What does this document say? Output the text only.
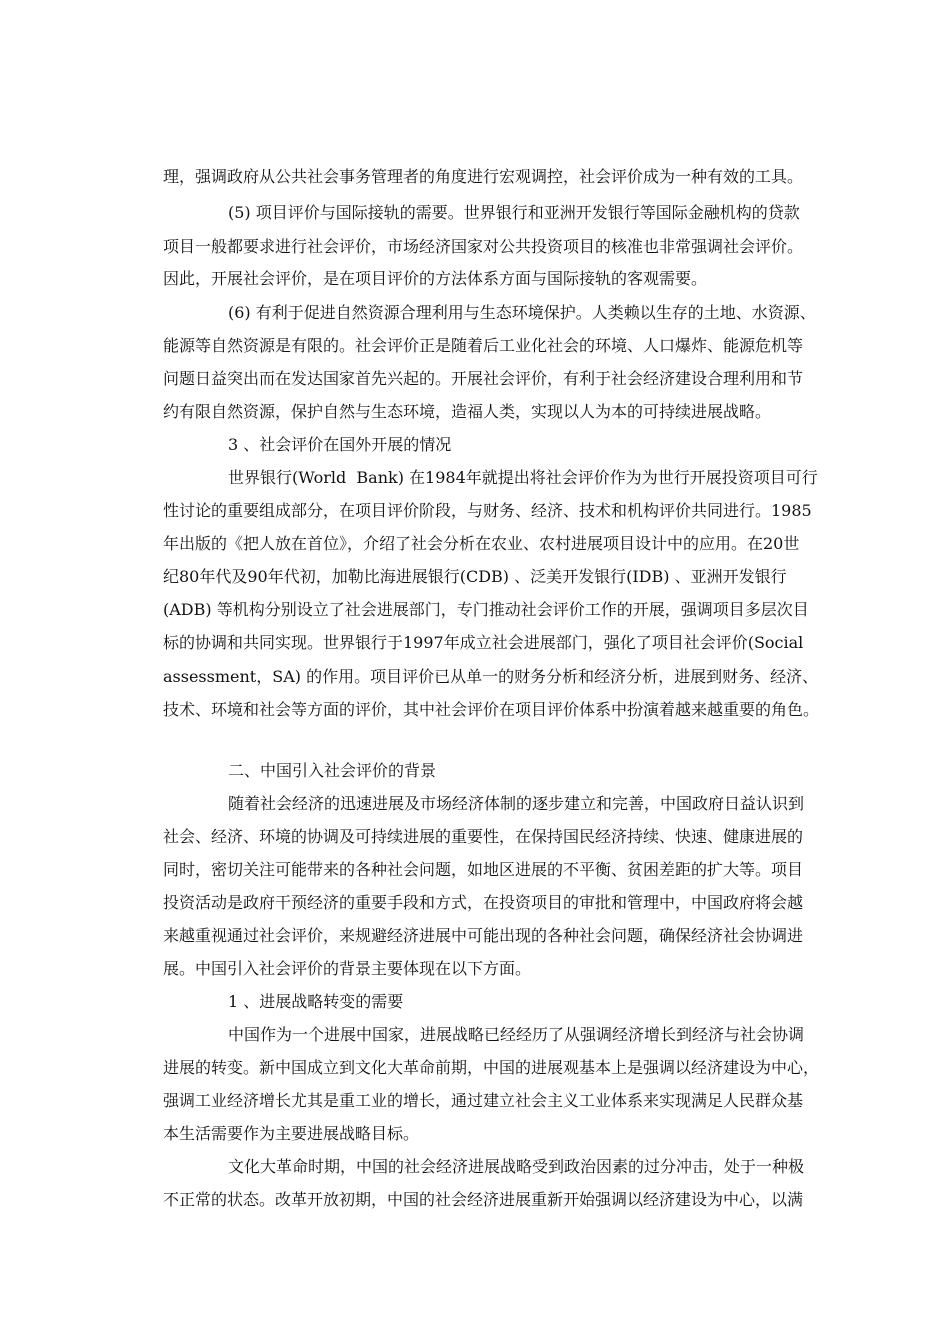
理，强调政府从公共社会事务管理者的角度进行宏观调控，社会评价成为一种有效的工具。
(5) 项目评价与国际接轨的需要。世界银行和亚洲开发银行等国际金融机构的贷款
项目一般都要求进行社会评价，市场经济国家对公共投资项目的核准也非常强调社会评价。
因此，开展社会评价，是在项目评价的方法体系方面与国际接轨的客观需要。
(6) 有利于促进自然资源合理利用与生态环境保护。人类赖以生存的土地、水资源、
能源等自然资源是有限的。社会评价正是随着后工业化社会的环境、人口爆炸、能源危机等
问题日益突出而在发达国家首先兴起的。开展社会评价，有利于社会经济建设合理利用和节
约有限自然资源，保护自然与生态环境，造福人类，实现以人为本的可持续进展战略。
3 、社会评价在国外开展的情况
世界银行(World  Bank) 在1984年就提出将社会评价作为为世行开展投资项目可行
性讨论的重要组成部分，在项目评价阶段，与财务、经济、技术和机构评价共同进行。1985
年出版的《把人放在首位》，介绍了社会分析在农业、农村进展项目设计中的应用。在20世
纪80年代及90年代初，加勒比海进展银行(CDB) 、泛美开发银行(IDB) 、亚洲开发银行
(ADB) 等机构分别设立了社会进展部门，专门推动社会评价工作的开展，强调项目多层次目
标的协调和共同实现。世界银行于1997年成立社会进展部门，强化了项目社会评价(Social
assessment，SA) 的作用。项目评价已从单一的财务分析和经济分析，进展到财务、经济、
技术、环境和社会等方面的评价，其中社会评价在项目评价体系中扮演着越来越重要的角色。
二、中国引入社会评价的背景
随着社会经济的迅速进展及市场经济体制的逐步建立和完善，中国政府日益认识到
社会、经济、环境的协调及可持续进展的重要性，在保持国民经济持续、快速、健康进展的
同时，密切关注可能带来的各种社会问题，如地区进展的不平衡、贫困差距的扩大等。项目
投资活动是政府干预经济的重要手段和方式，在投资项目的审批和管理中，中国政府将会越
来越重视通过社会评价，来规避经济进展中可能出现的各种社会问题，确保经济社会协调进
展。中国引入社会评价的背景主要体现在以下方面。
1 、进展战略转变的需要
中国作为一个进展中国家，进展战略已经经历了从强调经济增长到经济与社会协调
进展的转变。新中国成立到文化大革命前期，中国的进展观基本上是强调以经济建设为中心，
强调工业经济增长尤其是重工业的增长，通过建立社会主义工业体系来实现满足人民群众基
本生活需要作为主要进展战略目标。
文化大革命时期，中国的社会经济进展战略受到政治因素的过分冲击，处于一种极
不正常的状态。改革开放初期，中国的社会经济进展重新开始强调以经济建设为中心，以满
